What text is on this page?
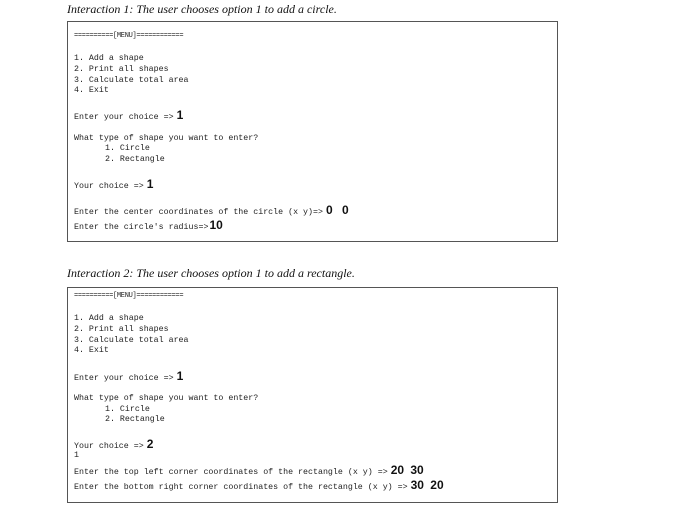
Interaction 1: The user chooses option 1 to add a circle.
==========[MENU]============
1. Add a shape
2. Print all shapes
3. Calculate total area
4. Exit
Enter your choice => 1
What type of shape you want to enter?
1. Circle
2. Rectangle
Your choice => 1
Enter the center coordinates of the circle (x y)=> 0 0
Enter the circle's radius=>10
Interaction 2: The user chooses option 1 to add a rectangle.
==========[MENU]============
1. Add a shape
2. Print all shapes
3. Calculate total area
4. Exit
Enter your choice => 1
What type of shape you want to enter?
1. Circle
2. Rectangle
Your choice => 2
1
Enter the top left corner coordinates of the rectangle (x y) => 20 30
Enter the bottom right corner coordinates of the rectangle (x y) => 30 20
